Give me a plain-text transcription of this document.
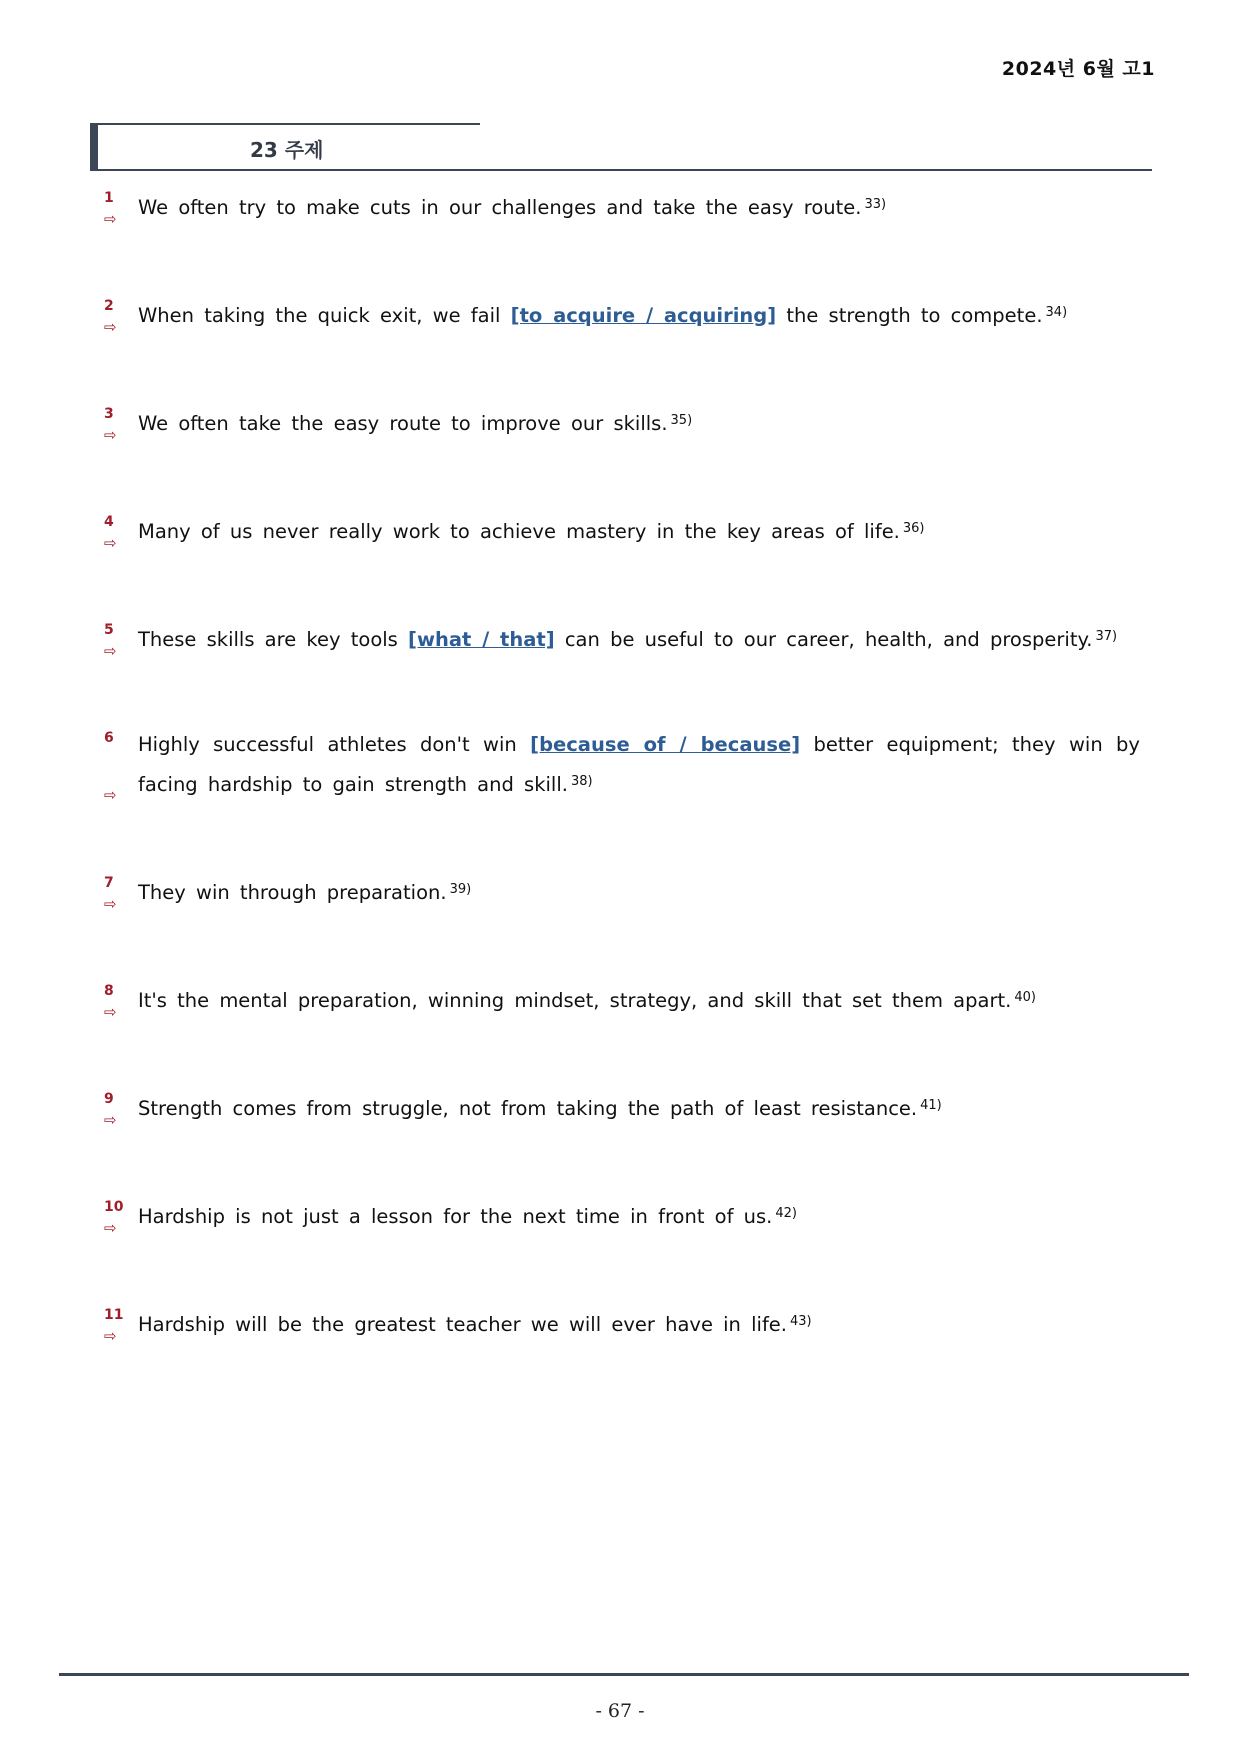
2024년 6월 고1
23 주제
1 We often try to make cuts in our challenges and take the easy route. $^{33)}$
⇨
2 When taking the quick exit, we fail [to acquire / acquiring] the strength to compete. $^{34)}$
⇨
3 We often take the easy route to improve our skills. $^{35)}$
⇨
4 Many of us never really work to achieve mastery in the key areas of life. $^{36)}$
⇨
5 These skills are key tools [what / that] can be useful to our career, health, and prosperity. $^{37)}$
⇨
6 Highly successful athletes don't win [because of / because] better equipment; they win by facing hardship to gain strength and skill. $^{38)}$
⇨
7 They win through preparation. $^{39)}$
⇨
8 It's the mental preparation, winning mindset, strategy, and skill that set them apart. $^{40)}$
⇨
9 Strength comes from struggle, not from taking the path of least resistance. $^{41)}$
⇨
10 Hardship is not just a lesson for the next time in front of us. $^{42)}$
⇨
11 Hardship will be the greatest teacher we will ever have in life. $^{43)}$
⇨
- 67 -
